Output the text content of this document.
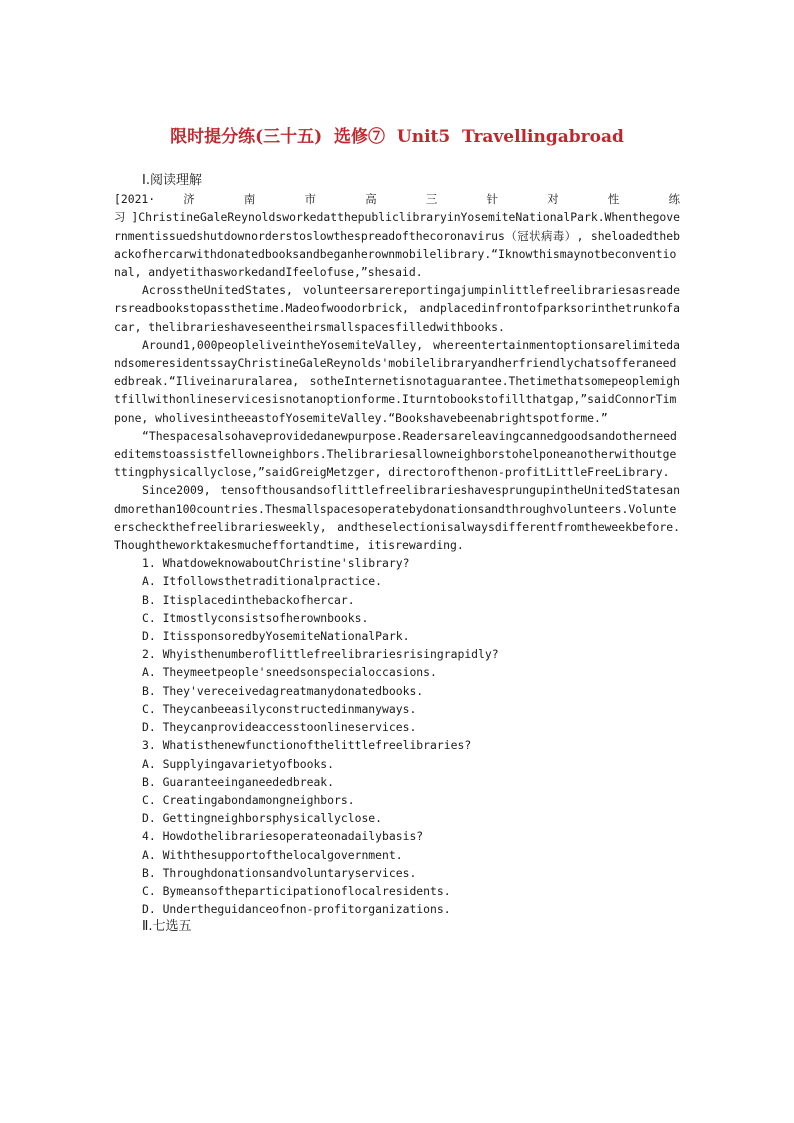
限时提分练(三十五)  选修⑦  Unit5  Travellingabroad
Ⅰ.阅读理解
[2021· 济 南 市 高 三 针 对 性 练
习]ChristineGaleReynoldsworkedatthepubliclibraryinYosemiteNationalPark.Whenthegovernmentissuedshutdownorderstoslowthespreadofthecoronavirus（冠状病毒）, sheloadedthebackofhercarwithdonatedbooksandbeganherownmobilelibrary.“Iknowthismaynotbeconventional, andyetithasworkedandIfeelofuse,”shesaid.
AcrosstheUnitedStates, volunteersarereportingajumpinlittlefreelibrariesasreadersreadbookstopassthetime.Madeofwoodorbrick, andplacedinfrontofparksorinthetrunkofacar, thelibrarieshaveseentheirsmallspacesfilledwithbooks.
Around1,000peopleliveintheYosemiteValley, whereentertainmentoptionsarelimitedandsomeresidentssayChristineGaleReynolds'mobilelibraryandherfriendlychatsofferaneededbreak.“Iliveinaruralarea, sotheInternetisnotaguarantee.Thetimethatsomepeoplemightfillwithonlineservicesisnotanoptionforme.Iturntobookstofillthatgap,”saidConnorTimpone, wholivesintheeastofYosemiteValley.“Bookshavebeenabrightspotforme.”
“Thespacesalsohaveprovidedanewpurpose.Readersareleavingcannedgoodsandotherneededitemstoassistfellowneighbors.Thelibrariesallowneighborstohelponeanotherwithoutgettingphysicallyclose,”saidGreigMetzger, directorofthenon-profitLittleFreeLibrary.
Since2009, tensofthousandsoflittlefreelibrarieshavesprungupintheUnitedStatesandmorethan100countries.Thesmallspacesoperatebydonationsandthroughvolunteers.Volunteerscheckthefreelibrariesweekly, andtheselectionisalwaysdifferentfromtheweekbefore.Thoughtheworktakesmucheffortandtime, itisrewarding.
1. WhatdoweknowaboutChristine'slibrary?
A. Itfollowsthetraditionalpractice.
B. Itisplacedinthebackofhercar.
C. Itmostlyconsistsofherownbooks.
D. ItissponsoredbyYosemiteNationalPark.
2. Whyisthenumberoflittlefreelibrariesrisingrapidly?
A. Theymeetpeople'sneedsonspecialoccasions.
B. They'vereceivedagreatmanydonatedbooks.
C. Theycanbeeasilyconstructedinmanyways.
D. Theycanprovideaccesstoonlineservices.
3. Whatisthenewfunctionofthelittlefreelibraries?
A. Supplyingavarietyofbooks.
B. Guaranteeinganeededbreak.
C. Creatingabondamongneighbors.
D. Gettingneighborsphysicallyclose.
4. Howdothelibrariesoperateonadailybasis?
A. Withthesupportofthelocalgovernment.
B. Throughdonationsandvoluntaryservices.
C. Bymeansoftheparticipationoflocalresidents.
D. Undertheguidanceofnon-profitorganizations.
Ⅱ.七选五
